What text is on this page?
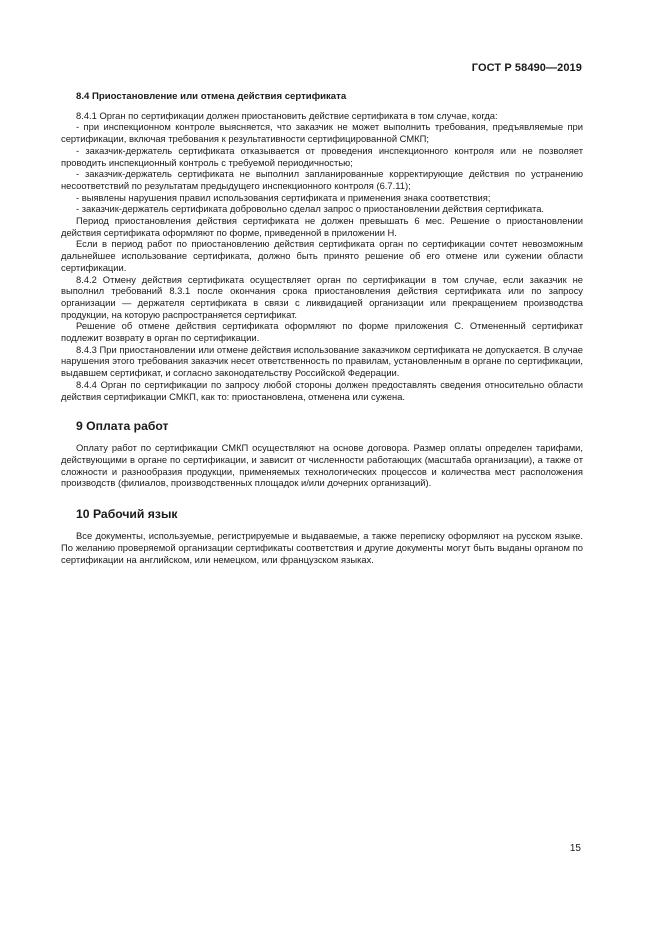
ГОСТ Р 58490—2019
8.4 Приостановление или отмена действия сертификата

8.4.1 Орган по сертификации должен приостановить действие сертификата в том случае, когда:

- при инспекционном контроле выясняется, что заказчик не может выполнить требования, предъявляемые при сертификации, включая требования к результативности сертифицированной СМКП;

- заказчик-держатель сертификата отказывается от проведения инспекционного контроля или не позволяет проводить инспекционный контроль с требуемой периодичностью;

- заказчик-держатель сертификата не выполнил запланированные корректирующие действия по устранению несоответствий по результатам предыдущего инспекционного контроля (6.7.11);

- выявлены нарушения правил использования сертификата и применения знака соответствия;

- заказчик-держатель сертификата добровольно сделал запрос о приостановлении действия сертификата.

Период приостановления действия сертификата не должен превышать 6 мес. Решение о приостановлении действия сертификата оформляют по форме, приведенной в приложении Н.

Если в период работ по приостановлению действия сертификата орган по сертификации сочтет невозможным дальнейшее использование сертификата, должно быть принято решение об его отмене или сужении области сертификации.

8.4.2 Отмену действия сертификата осуществляет орган по сертификации в том случае, если заказчик не выполнил требований 8.3.1 после окончания срока приостановления действия сертификата или по запросу организации — держателя сертификата в связи с ликвидацией организации или прекращением производства продукции, на которую распространяется сертификат.

Решение об отмене действия сертификата оформляют по форме приложения С. Отмененный сертификат подлежит возврату в орган по сертификации.

8.4.3 При приостановлении или отмене действия использование заказчиком сертификата не допускается. В случае нарушения этого требования заказчик несет ответственность по правилам, установленным в органе по сертификации, выдавшем сертификат, и согласно законодательству Российской Федерации.

8.4.4 Орган по сертификации по запросу любой стороны должен предоставлять сведения относительно области действия сертификации СМКП, как то: приостановлена, отменена или сужена.

9 Оплата работ

Оплату работ по сертификации СМКП осуществляют на основе договора. Размер оплаты определен тарифами, действующими в органе по сертификации, и зависит от численности работающих (масштаба организации), а также от сложности и разнообразия продукции, применяемых технологических процессов и количества мест расположения производств (филиалов, производственных площадок и/или дочерних организаций).

10 Рабочий язык

Все документы, используемые, регистрируемые и выдаваемые, а также переписку оформляют на русском языке. По желанию проверяемой организации сертификаты соответствия и другие документы могут быть выданы органом по сертификации на английском, или немецком, или французском языках.

15
